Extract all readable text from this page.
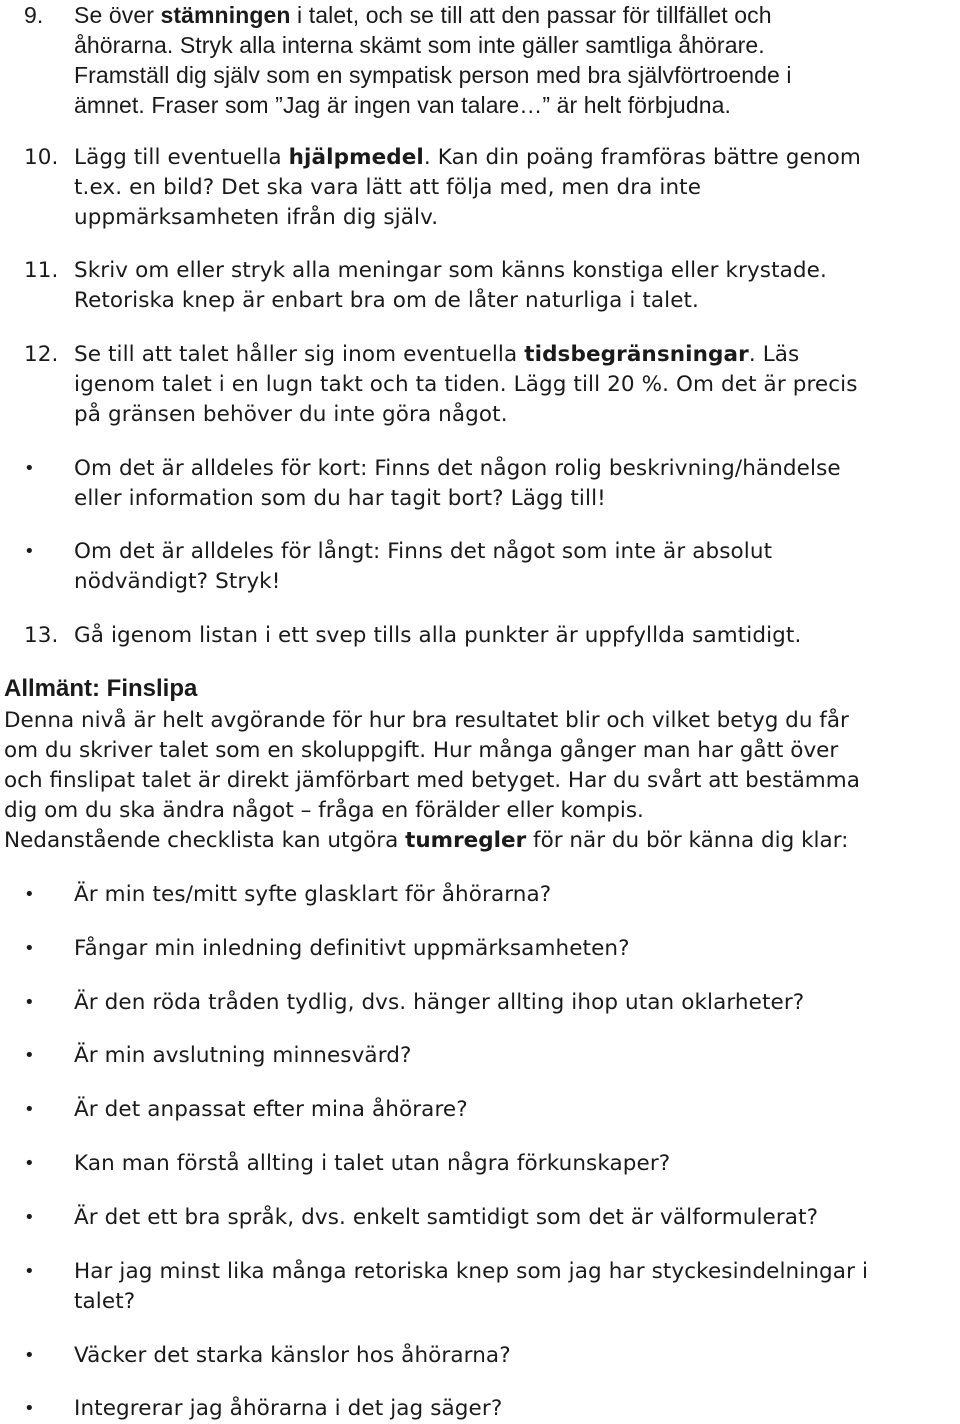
9.	Se över stämningen i talet, och se till att den passar för tillfället och
åhörarna. Stryk alla interna skämt som inte gäller samtliga åhörare.
Framställ dig själv som en sympatisk person med bra självförtroende i
ämnet. Fraser som ”Jag är ingen van talare…” är helt förbjudna.
10. Lägg till eventuella hjälpmedel. Kan din poäng framföras bättre genom
t.ex. en bild? Det ska vara lätt att följa med, men dra inte
uppmärksamheten ifrån dig själv.
11. Skriv om eller stryk alla meningar som känns konstiga eller krystade.
Retoriska knep är enbart bra om de låter naturliga i talet.
12. Se till att talet håller sig inom eventuella tidsbegränsningar. Läs
igenom talet i en lugn takt och ta tiden. Lägg till 20 %. Om det är precis
på gränsen behöver du inte göra något.
•	Om det är alldeles för kort: Finns det någon rolig beskrivning/händelse
eller information som du har tagit bort? Lägg till!
•	Om det är alldeles för långt: Finns det något som inte är absolut
nödvändigt? Stryk!
13. Gå igenom listan i ett svep tills alla punkter är uppfyllda samtidigt.
Allmänt: Finslipa
Denna nivå är helt avgörande för hur bra resultatet blir och vilket betyg du får
om du skriver talet som en skoluppgift. Hur många gånger man har gått över
och finslipat talet är direkt jämförbart med betyget. Har du svårt att bestämma
dig om du ska ändra något – fråga en förälder eller kompis.
Nedanstående checklista kan utgöra tumregler för när du bör känna dig klar:
•	Är min tes/mitt syfte glasklart för åhörarna?
•	Fångar min inledning definitivt uppmärksamheten?
•	Är den röda tråden tydlig, dvs. hänger allting ihop utan oklarheter?
•	Är min avslutning minnesvärd?
•	Är det anpassat efter mina åhörare?
•	Kan man förstå allting i talet utan några förkunskaper?
•	Är det ett bra språk, dvs. enkelt samtidigt som det är välformulerat?
•	Har jag minst lika många retoriska knep som jag har styckesindelningar i
talet?
•	Väcker det starka känslor hos åhörarna?
•	Integrerar jag åhörarna i det jag säger?
